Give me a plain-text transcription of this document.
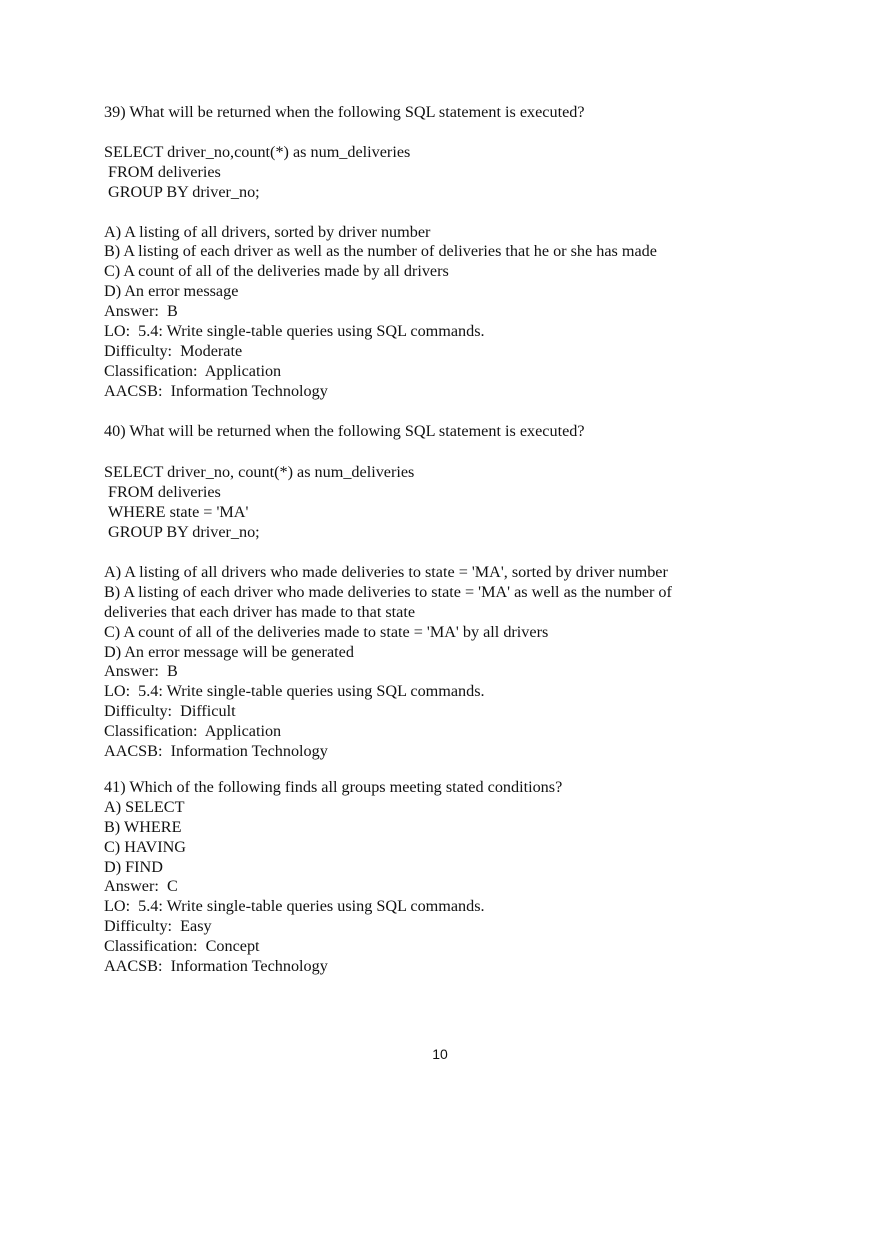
39) What will be returned when the following SQL statement is executed?

SELECT driver_no,count(*) as num_deliveries

FROM deliveries

GROUP BY driver_no;

A) A listing of all drivers, sorted by driver number

B) A listing of each driver as well as the number of deliveries that he or she has made

C) A count of all of the deliveries made by all drivers

D) An error message

Answer:  B

LO:  5.4: Write single-table queries using SQL commands.

Difficulty:  Moderate

Classification:  Application

AACSB:  Information Technology

40) What will be returned when the following SQL statement is executed?

SELECT driver_no, count(*) as num_deliveries

FROM deliveries

WHERE state = 'MA'

GROUP BY driver_no;

A) A listing of all drivers who made deliveries to state = 'MA', sorted by driver number

B) A listing of each driver who made deliveries to state = 'MA' as well as the number of

deliveries that each driver has made to that state

C) A count of all of the deliveries made to state = 'MA' by all drivers

D) An error message will be generated

Answer:  B

LO:  5.4: Write single-table queries using SQL commands.

Difficulty:  Difficult

Classification:  Application

AACSB:  Information Technology

41) Which of the following finds all groups meeting stated conditions?

A) SELECT

B) WHERE

C) HAVING

D) FIND

Answer:  C

LO:  5.4: Write single-table queries using SQL commands.

Difficulty:  Easy

Classification:  Concept

AACSB:  Information Technology

10
